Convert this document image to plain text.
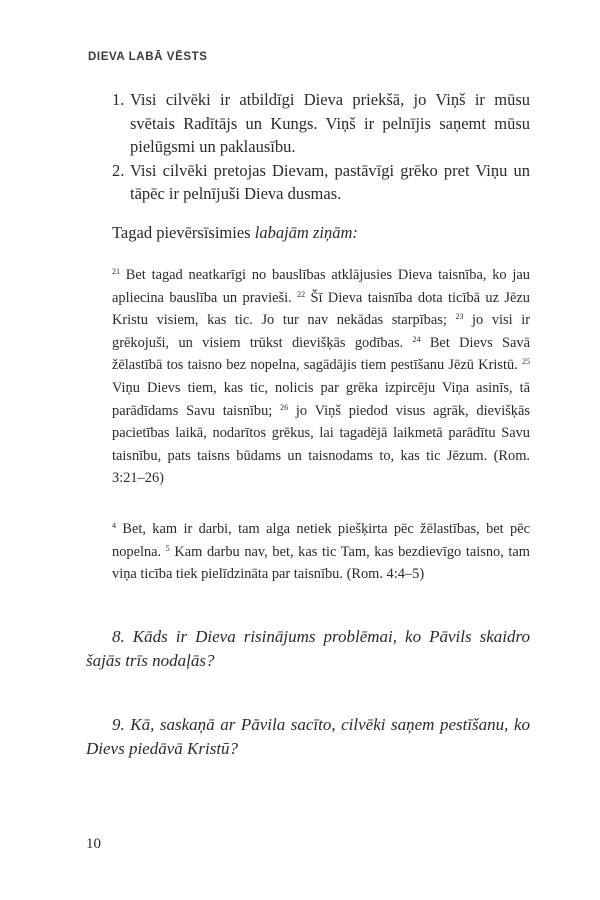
DIEVA LABĀ VĒSTS
1. Visi cilvēki ir atbildīgi Dieva priekšā, jo Viņš ir mūsu svētais Radītājs un Kungs. Viņš ir pelnījis saņemt mūsu pielūgsmi un paklausību.
2. Visi cilvēki pretojas Dievam, pastāvīgi grēko pret Viņu un tāpēc ir pelnījuši Dieva dusmas.

Tagad pievērsīsimies labajām ziņām:

$^{21}$ Bet tagad neatkarīgi no bauslības atklājusies Dieva taisnība, ko jau apliecina bauslība un pravieši. $^{22}$ Šī Dieva taisnība dota ticībā uz Jēzu Kristu visiem, kas tic. Jo tur nav nekādas starpības; $^{23}$ jo visi ir grēkojuši, un visiem trūkst dievišķās godības. $^{24}$ Bet Dievs Savā žēlastībā tos taisno bez nopelna, sagādājis tiem pestīšanu Jēzū Kristū. $^{25}$ Viņu Dievs tiem, kas tic, nolicis par grēka izpircēju Viņa asinīs, tā parādīdams Savu taisnību; $^{26}$ jo Viņš piedod visus agrāk, dievišķās pacietības laikā, nodarītos grēkus, lai tagadējā laikmetā parādītu Savu taisnību, pats taisns būdams un taisnodams to, kas tic Jēzum. (Rom. 3:21–26)

$^4$ Bet, kam ir darbi, tam alga netiek piešķirta pēc žēlastības, bet pēc nopelna. $^5$ Kam darbu nav, bet, kas tic Tam, kas bezdievīgo taisno, tam viņa ticība tiek pielīdzināta par taisnību. (Rom. 4:4–5)

8. Kāds ir Dieva risinājums problēmai, ko Pāvils skaidro šajās trīs nodaļās?

9. Kā, saskaņā ar Pāvila sacīto, cilvēki saņem pestīšanu, ko Dievs piedāvā Kristū?

10
